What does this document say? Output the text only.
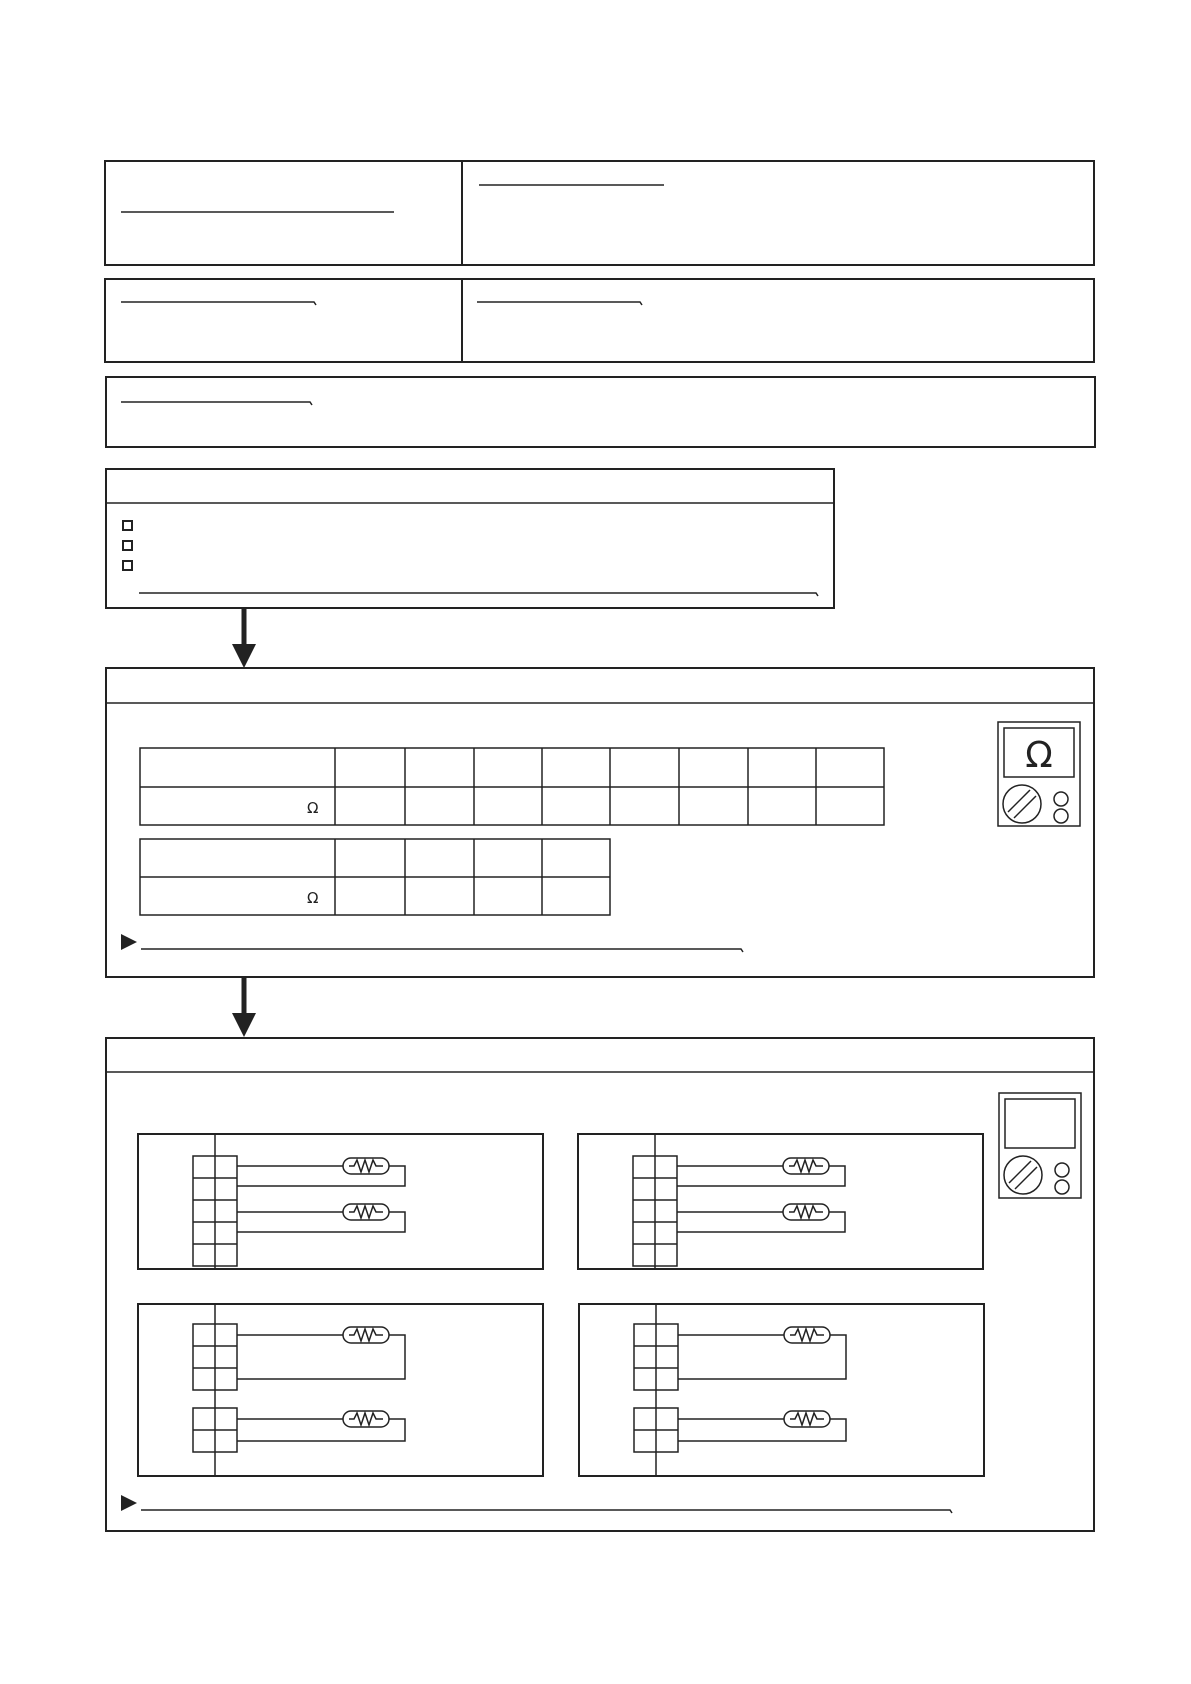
Ω
Ω
Ω
